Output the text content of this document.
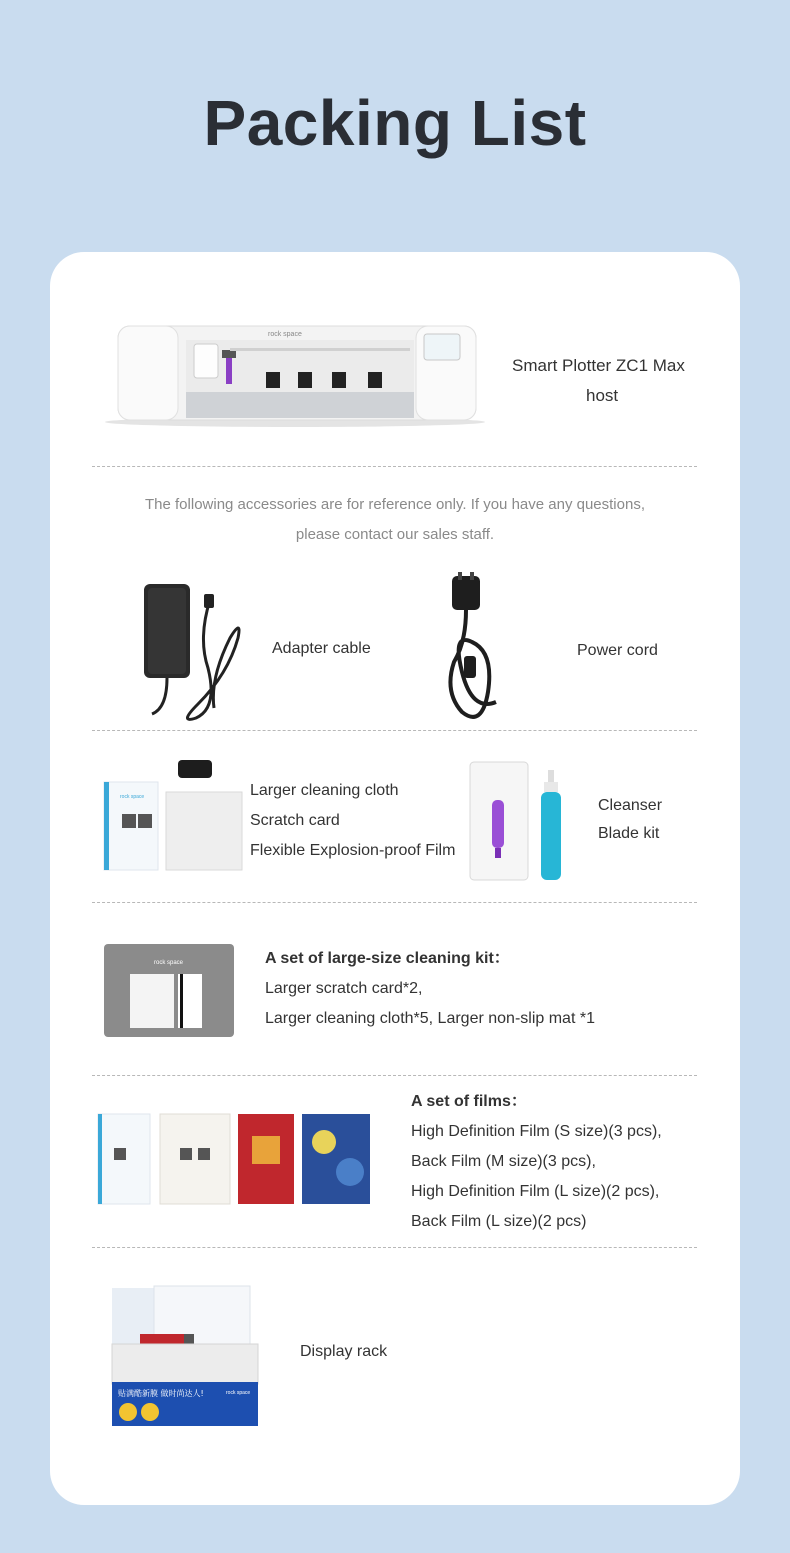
Packing List
rock space
Smart Plotter ZC1 Max
host
The following accessories are for reference only. If you have any questions,
please contact our sales staff.
Adapter cable	Power cord
rock space	Larger cleaning cloth
Scratch card
Flexible Explosion-proof Film
Cleanser
Blade kit
rock space	A set of large-size cleaning kit：
Larger scratch card*2,
Larger cleaning cloth*5, Larger non-slip mat *1
A set of films：
High Definition Film (S size)(3 pcs),
Back Film (M size)(3 pcs),
High Definition Film (L size)(2 pcs),
Back Film (L size)(2 pcs)
贴满酷新膜 做时尚达人!	rock space
Display rack
